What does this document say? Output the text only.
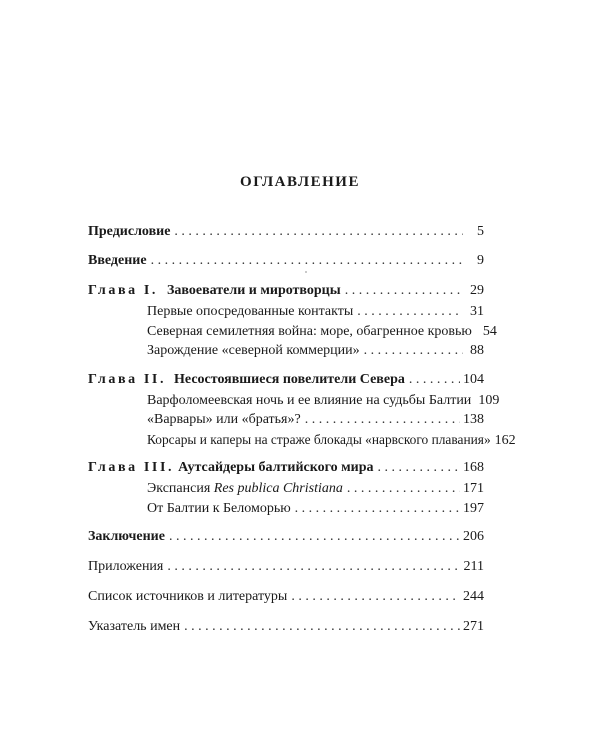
ОГЛАВЛЕНИЕ
Предисловие . . .	5
Введение . . .	9
Глава I. Завоеватели и миротворцы . . .	29
Первые опосредованные контакты . . .	31
Северная семилетняя война: море, обагренное кровью 54
Зарождение «северной коммерции» . . .	88
Глава II. Несостоявшиеся повелители Севера . . .	104
Варфоломеевская ночь и ее влияние на судьбы Балтии 109
«Варвары» или «братья»? . . .	138
Корсары и каперы на страже блокады «нарвского плавания» 162
Глава III. Аутсайдеры балтийского мира . . .	168
Экспансия Res publica Christiana . . .	171
От Балтии к Беломорью . . .	197
Заключение . . .	206
Приложения . . .	211
Список источников и литературы . . .	244
Указатель имен . . .	271
